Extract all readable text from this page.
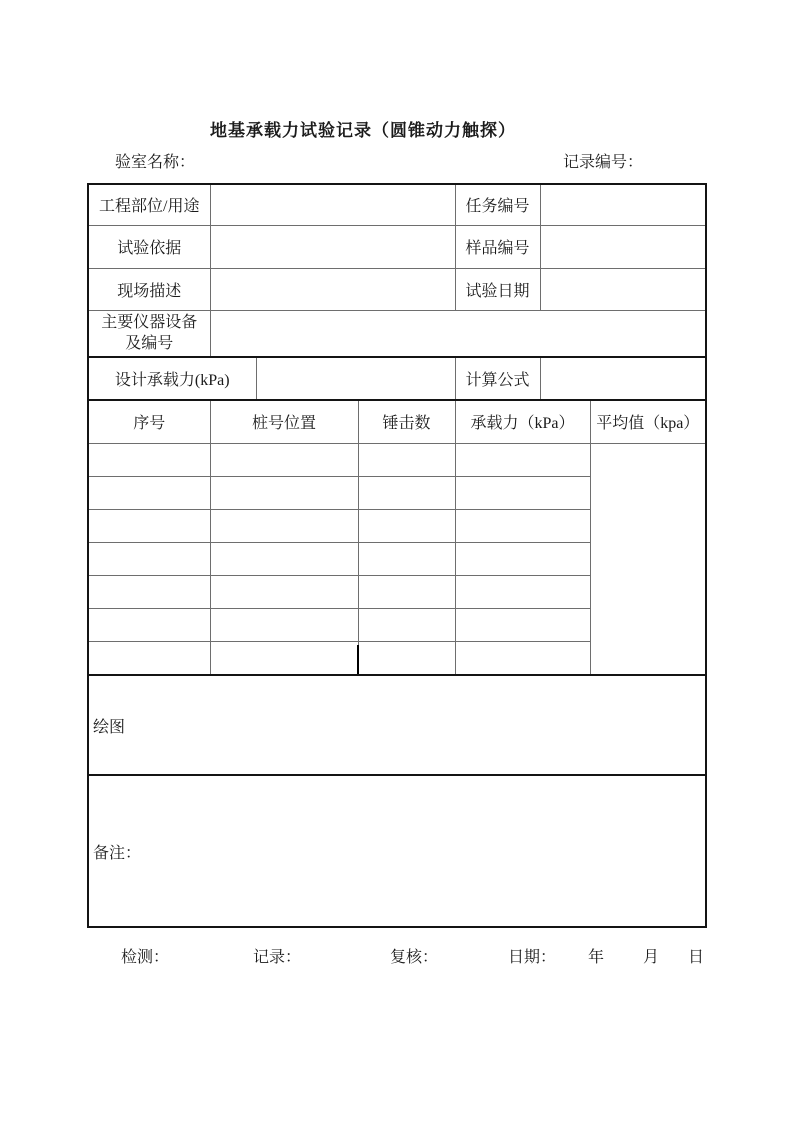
地基承载力试验记录（圆锥动力触探）
验室名称：	记录编号：
工程部位/用途		任务编号	
试验依据		样品编号	
现场描述		试验日期	

主要仪器设备
及编号			

设计承载力(kPa)		计算公式	
序号	桩号位置	锤击数	承载力（kPa）	平均值（kpa）

绘图
备注：
检测：	记录：	复核：	日期： 年 月 日
